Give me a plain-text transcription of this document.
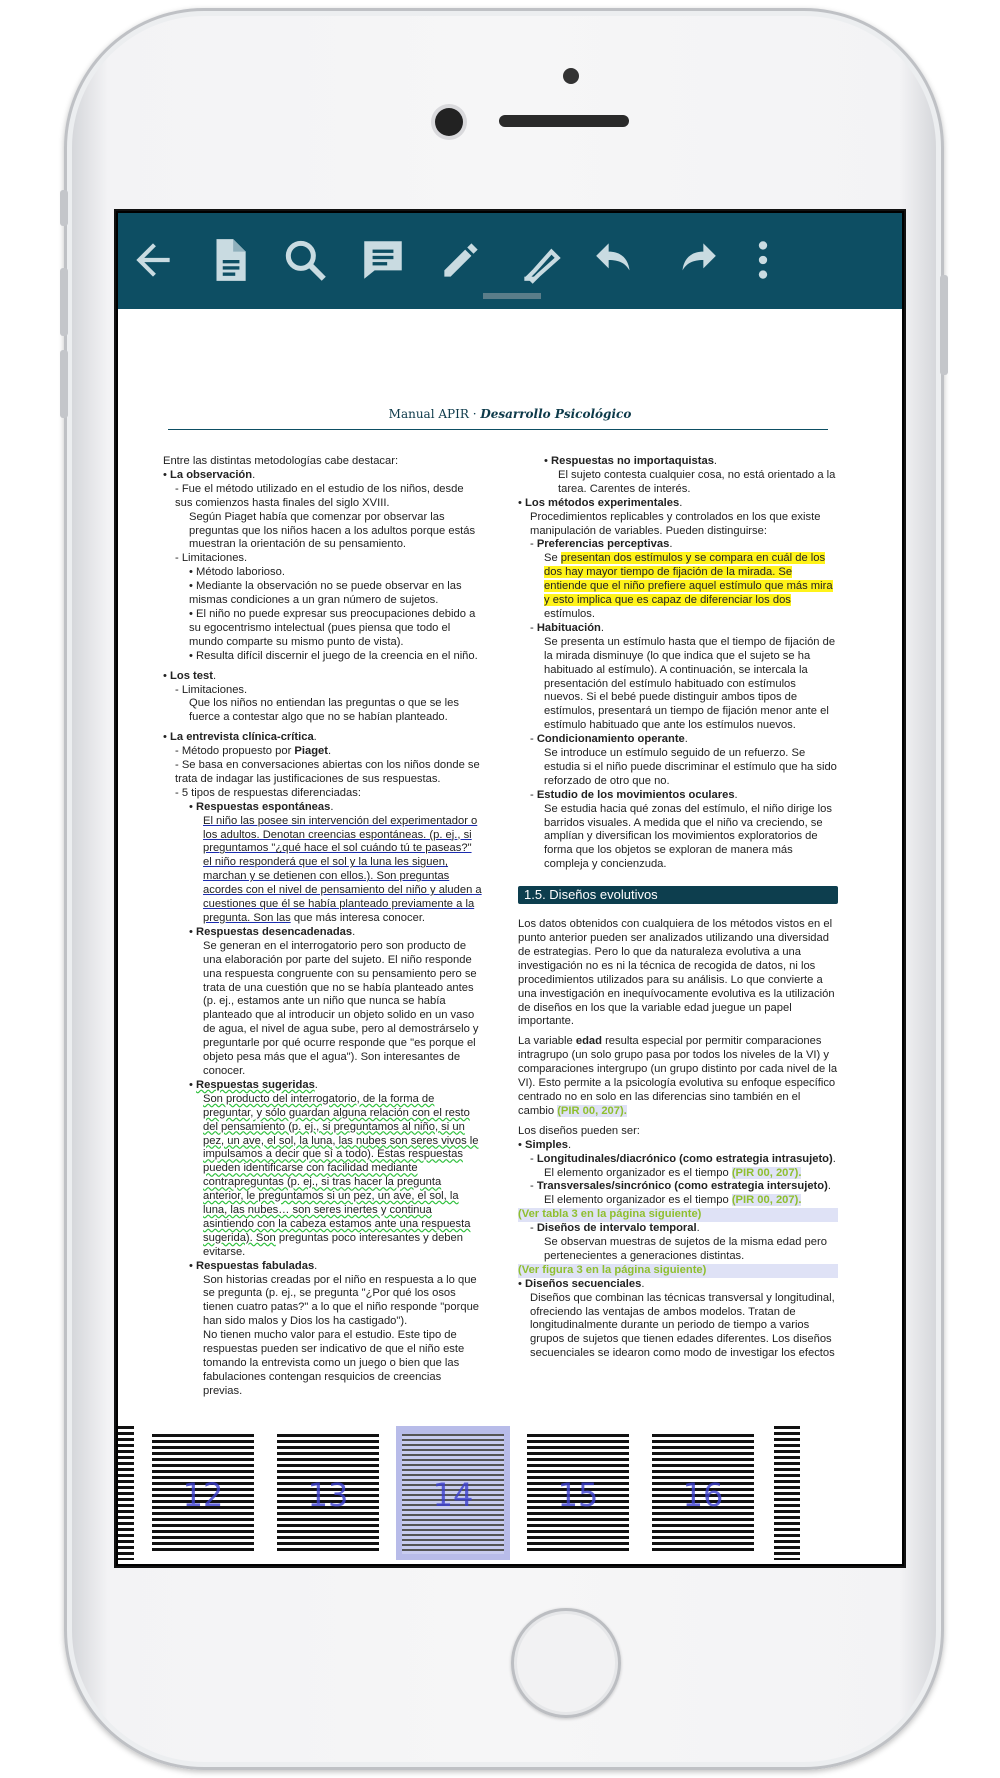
Manual APIR · Desarrollo Psicológico

Entre las distintas metodologías cabe destacar:

• La observación.

- Fue el método utilizado en el estudio de los niños, desde sus comienzos hasta finales del siglo XVIII.

Según Piaget había que comenzar por observar las preguntas que los niños hacen a los adultos porque estás muestran la orientación de su pensamiento.

- Limitaciones.

• Método laborioso.

• Mediante la observación no se puede observar en las mismas condiciones a un gran número de sujetos.

• El niño no puede expresar sus preocupaciones debido a su egocentrismo intelectual (pues piensa que todo el mundo comparte su mismo punto de vista).

• Resulta difícil discernir el juego de la creencia en el niño.

• Los test.

- Limitaciones.

Que los niños no entiendan las preguntas o que se les fuerce a contestar algo que no se habían planteado.

• La entrevista clínica-crítica.

- Método propuesto por Piaget.

- Se basa en conversaciones abiertas con los niños donde se trata de indagar las justificaciones de sus respuestas.

- 5 tipos de respuestas diferenciadas:

• Respuestas espontáneas.

El niño las posee sin intervención del experimentador o los adultos. Denotan creencias espontáneas. (p. ej., si preguntamos "¿qué hace el sol cuándo tú te paseas?" el niño responderá que el sol y la luna les siguen, marchan y se detienen con ellos.). Son preguntas acordes con el nivel de pensamiento del niño y aluden a cuestiones que él se había planteado previamente a la pregunta. Son las que más interesa conocer.

• Respuestas desencadenadas.

Se generan en el interrogatorio pero son producto de una elaboración por parte del sujeto. El niño responde una respuesta congruente con su pensamiento pero se trata de una cuestión que no se había planteado antes (p. ej., estamos ante un niño que nunca se había planteado que al introducir un objeto solido en un vaso de agua, el nivel de agua sube, pero al demostrárselo y preguntarle por qué ocurre responde que "es porque el objeto pesa más que el agua"). Son interesantes de conocer.

• Respuestas sugeridas.

Son producto del interrogatorio, de la forma de preguntar, y sólo guardan alguna relación con el resto del pensamiento (p. ej., si preguntamos al niño, si un pez, un ave, el sol, la luna, las nubes son seres vivos le impulsamos a decir que sí a todo). Estas respuestas pueden identificarse con facilidad mediante contrapreguntas (p. ej., si tras hacer la pregunta anterior, le preguntamos si un pez, un ave, el sol, la luna, las nubes… son seres inertes y continua asintiendo con la cabeza estamos ante una respuesta sugerida). Son preguntas poco interesantes y deben evitarse.

• Respuestas fabuladas.

Son historias creadas por el niño en respuesta a lo que se pregunta (p. ej., se pregunta "¿Por qué los osos tienen cuatro patas?" a lo que el niño responde "porque han sido malos y Dios los ha castigado").

No tienen mucho valor para el estudio. Este tipo de respuestas pueden ser indicativo de que el niño este tomando la entrevista como un juego o bien que las fabulaciones contengan resquicios de creencias previas.

• Respuestas no importaquistas.

El sujeto contesta cualquier cosa, no está orientado a la tarea. Carentes de interés.

• Los métodos experimentales.

Procedimientos replicables y controlados en los que existe manipulación de variables. Pueden distinguirse:

- Preferencias perceptivas.

Se presentan dos estímulos y se compara en cuál de los dos hay mayor tiempo de fijación de la mirada. Se entiende que el niño prefiere aquel estímulo que más mira y esto implica que es capaz de diferenciar los dos estímulos.

- Habituación.

Se presenta un estímulo hasta que el tiempo de fijación de la mirada disminuye (lo que indica que el sujeto se ha habituado al estímulo). A continuación, se intercala la presentación del estímulo habituado con estímulos nuevos. Si el bebé puede distinguir ambos tipos de estímulos, presentará un tiempo de fijación menor ante el estímulo habituado que ante los estímulos nuevos.

- Condicionamiento operante.

Se introduce un estímulo seguido de un refuerzo. Se estudia si el niño puede discriminar el estímulo que ha sido reforzado de otro que no.

- Estudio de los movimientos oculares.

Se estudia hacia qué zonas del estímulo, el niño dirige los barridos visuales. A medida que el niño va creciendo, se amplían y diversifican los movimientos exploratorios de forma que los objetos se exploran de manera más compleja y concienzuda.

1.5. Diseños evolutivos

Los datos obtenidos con cualquiera de los métodos vistos en el punto anterior pueden ser analizados utilizando una diversidad de estrategias. Pero lo que da naturaleza evolutiva a una investigación no es ni la técnica de recogida de datos, ni los procedimientos utilizados para su análisis. Lo que convierte a una investigación en inequívocamente evolutiva es la utilización de diseños en los que la variable edad juegue un papel importante.

La variable edad resulta especial por permitir comparaciones intragrupo (un solo grupo pasa por todos los niveles de la VI) y comparaciones intergrupo (un grupo distinto por cada nivel de la VI). Esto permite a la psicología evolutiva su enfoque específico centrado no en solo en las diferencias sino también en el cambio (PIR 00, 207).

Los diseños pueden ser:

• Simples.

- Longitudinales/diacrónico (como estrategia intrasujeto).

El elemento organizador es el tiempo (PIR 00, 207).

- Transversales/sincrónico (como estrategia intersujeto).

El elemento organizador es el tiempo (PIR 00, 207).

(Ver tabla 3 en la página siguiente)

- Diseños de intervalo temporal.

Se observan muestras de sujetos de la misma edad pero pertenecientes a generaciones distintas.

(Ver figura 3 en la página siguiente)

• Diseños secuenciales.

Diseños que combinan las técnicas transversal y longitudinal, ofreciendo las ventajas de ambos modelos. Tratan de longitudinalmente durante un periodo de tiempo a varios grupos de sujetos que tienen edades diferentes. Los diseños secuenciales se idearon como modo de investigar los efectos

12	13	14	15	16
